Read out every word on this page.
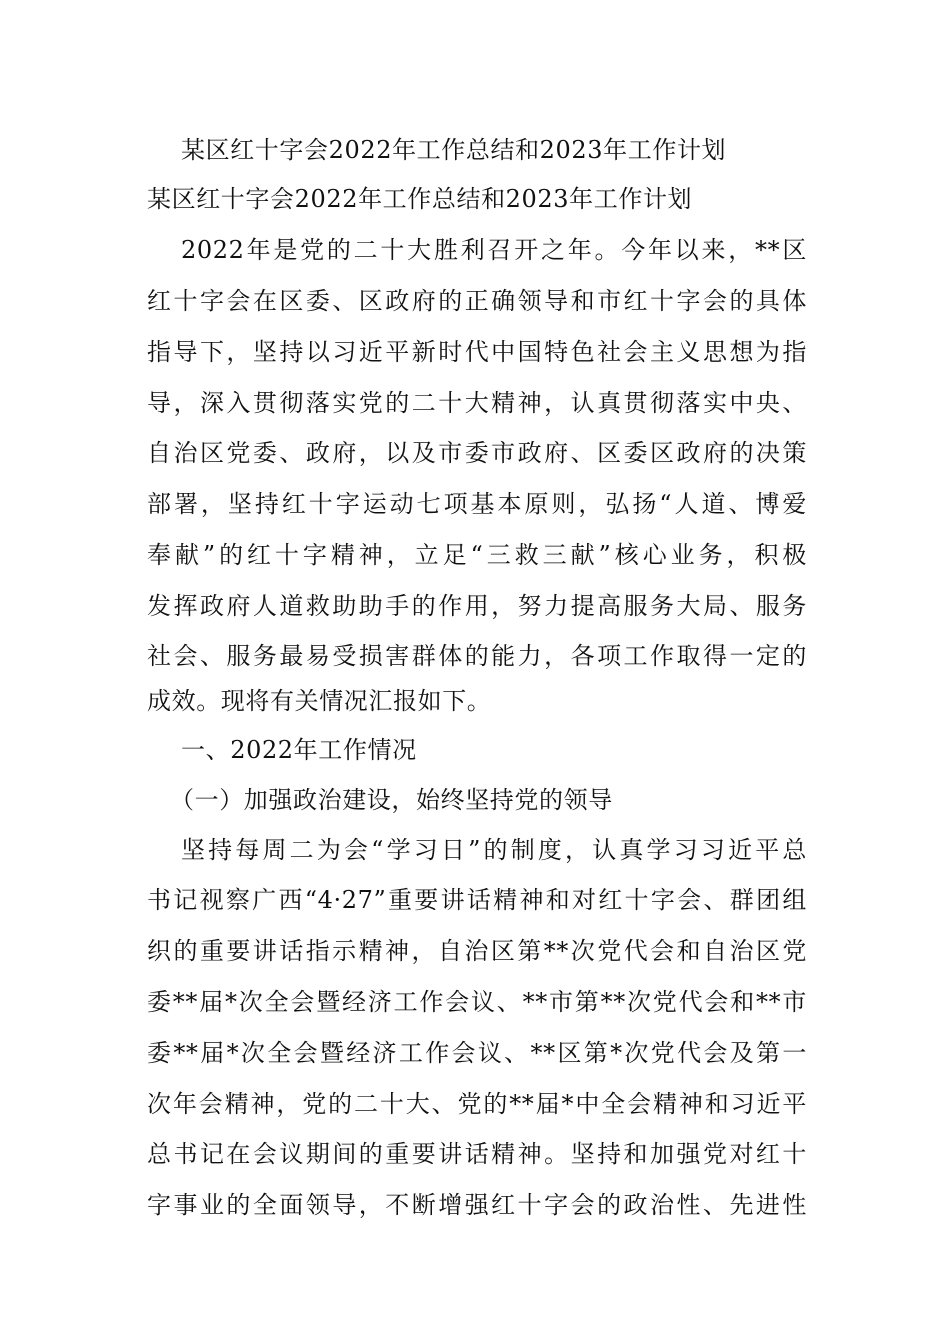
某区红十字会2022年工作总结和2023年工作计划
某区红十字会2022年工作总结和2023年工作计划
2022年是党的二十大胜利召开之年。今年以来，**区
红十字会在区委、区政府的正确领导和市红十字会的具体
指导下，坚持以习近平新时代中国特色社会主义思想为指
导，深入贯彻落实党的二十大精神，认真贯彻落实中央、
自治区党委、政府，以及市委市政府、区委区政府的决策
部署，坚持红十字运动七项基本原则，弘扬“人道、博爱
奉献”的红十字精神，立足“三救三献”核心业务，积极
发挥政府人道救助助手的作用，努力提高服务大局、服务
社会、服务最易受损害群体的能力，各项工作取得一定的
成效。现将有关情况汇报如下。
一、2022年工作情况
（一）加强政治建设，始终坚持党的领导
坚持每周二为会“学习日”的制度，认真学习习近平总
书记视察广西“4·27”重要讲话精神和对红十字会、群团组
织的重要讲话指示精神，自治区第**次党代会和自治区党
委**届*次全会暨经济工作会议、**市第**次党代会和**市
委**届*次全会暨经济工作会议、**区第*次党代会及第一
次年会精神，党的二十大、党的**届*中全会精神和习近平
总书记在会议期间的重要讲话精神。坚持和加强党对红十
字事业的全面领导，不断增强红十字会的政治性、先进性
